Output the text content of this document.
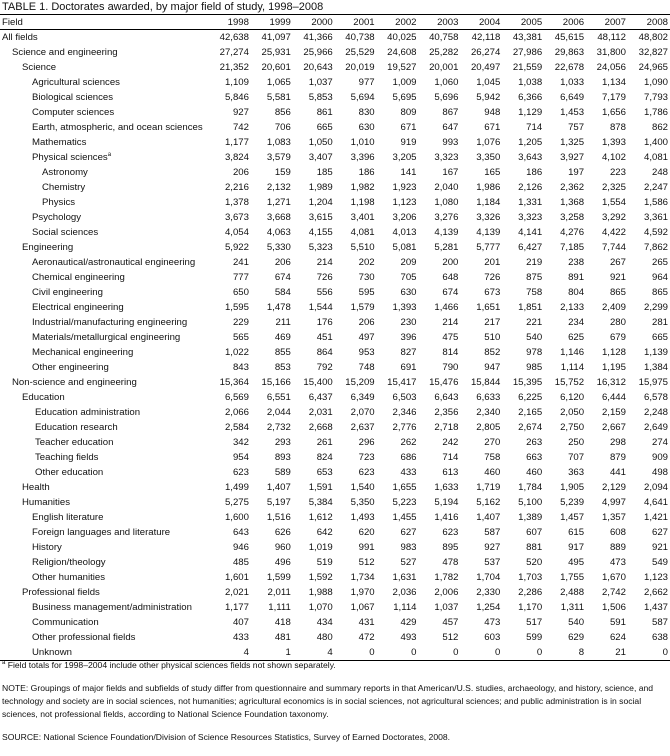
TABLE 1. Doctorates awarded, by major field of study, 1998–2008
Field	1998	1999	2000	2001	2002	2003	2004	2005	2006	2007	2008
All fields	42,638	41,097	41,366	40,738	40,025	40,758	42,118	43,381	45,615	48,112	48,802
Science and engineering	27,274	25,931	25,966	25,529	24,608	25,282	26,274	27,986	29,863	31,800	32,827
Science	21,352	20,601	20,643	20,019	19,527	20,001	20,497	21,559	22,678	24,056	24,965
Agricultural sciences	1,109	1,065	1,037	977	1,009	1,060	1,045	1,038	1,033	1,134	1,090
Biological sciences	5,846	5,581	5,853	5,694	5,695	5,696	5,942	6,366	6,649	7,179	7,793
Computer sciences	927	856	861	830	809	867	948	1,129	1,453	1,656	1,786
Earth, atmospheric, and ocean sciences	742	706	665	630	671	647	671	714	757	878	862
Mathematics	1,177	1,083	1,050	1,010	919	993	1,076	1,205	1,325	1,393	1,400
Physical sciences$^a$	3,824	3,579	3,407	3,396	3,205	3,323	3,350	3,643	3,927	4,102	4,081
Astronomy	206	159	185	186	141	167	165	186	197	223	248
Chemistry	2,216	2,132	1,989	1,982	1,923	2,040	1,986	2,126	2,362	2,325	2,247
Physics	1,378	1,271	1,204	1,198	1,123	1,080	1,184	1,331	1,368	1,554	1,586
Psychology	3,673	3,668	3,615	3,401	3,206	3,276	3,326	3,323	3,258	3,292	3,361
Social sciences	4,054	4,063	4,155	4,081	4,013	4,139	4,139	4,141	4,276	4,422	4,592
Engineering	5,922	5,330	5,323	5,510	5,081	5,281	5,777	6,427	7,185	7,744	7,862
Aeronautical/astronautical engineering	241	206	214	202	209	200	201	219	238	267	265
Chemical engineering	777	674	726	730	705	648	726	875	891	921	964
Civil engineering	650	584	556	595	630	674	673	758	804	865	865
Electrical engineering	1,595	1,478	1,544	1,579	1,393	1,466	1,651	1,851	2,133	2,409	2,299
Industrial/manufacturing engineering	229	211	176	206	230	214	217	221	234	280	281
Materials/metallurgical engineering	565	469	451	497	396	475	510	540	625	679	665
Mechanical engineering	1,022	855	864	953	827	814	852	978	1,146	1,128	1,139
Other engineering	843	853	792	748	691	790	947	985	1,114	1,195	1,384
Non-science and engineering	15,364	15,166	15,400	15,209	15,417	15,476	15,844	15,395	15,752	16,312	15,975
Education	6,569	6,551	6,437	6,349	6,503	6,643	6,633	6,225	6,120	6,444	6,578
Education administration	2,066	2,044	2,031	2,070	2,346	2,356	2,340	2,165	2,050	2,159	2,248
Education research	2,584	2,732	2,668	2,637	2,776	2,718	2,805	2,674	2,750	2,667	2,649
Teacher education	342	293	261	296	262	242	270	263	250	298	274
Teaching fields	954	893	824	723	686	714	758	663	707	879	909
Other education	623	589	653	623	433	613	460	460	363	441	498
Health	1,499	1,407	1,591	1,540	1,655	1,633	1,719	1,784	1,905	2,129	2,094
Humanities	5,275	5,197	5,384	5,350	5,223	5,194	5,162	5,100	5,239	4,997	4,641
English literature	1,600	1,516	1,612	1,493	1,455	1,416	1,407	1,389	1,457	1,357	1,421
Foreign languages and literature	643	626	642	620	627	623	587	607	615	608	627
History	946	960	1,019	991	983	895	927	881	917	889	921
Religion/theology	485	496	519	512	527	478	537	520	495	473	549
Other humanities	1,601	1,599	1,592	1,734	1,631	1,782	1,704	1,703	1,755	1,670	1,123
Professional fields	2,021	2,011	1,988	1,970	2,036	2,006	2,330	2,286	2,488	2,742	2,662
Business management/administration	1,177	1,111	1,070	1,067	1,114	1,037	1,254	1,170	1,311	1,506	1,437
Communication	407	418	434	431	429	457	473	517	540	591	587
Other professional fields	433	481	480	472	493	512	603	599	629	624	638
Unknown	4	1	4	0	0	0	0	0	8	21	0

$^a$ Field totals for 1998–2004 include other physical sciences fields not shown separately.

NOTE: Groupings of major fields and subfields of study differ from questionnaire and summary reports in that American/U.S. studies, archaeology, and history, science, and technology and society are in social sciences, not humanities; agricultural economics is in social sciences, not agricultural sciences; and public administration is in social sciences, not professional fields, according to National Science Foundation taxonomy.

SOURCE: National Science Foundation/Division of Science Resources Statistics, Survey of Earned Doctorates, 2008.
